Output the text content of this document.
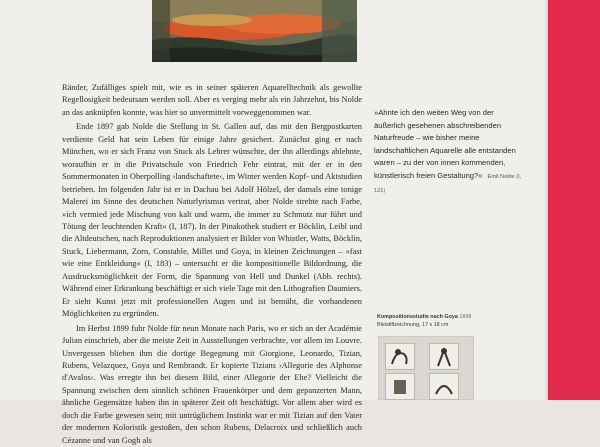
Ränder, Zufälliges spielt mit, wie es in seiner späteren Aquarelltechnik als gewollte Regellosigkeit bedeutsam werden soll. Aber es verging mehr als ein Jahrzehnt, bis Nolde an das anknüpfen konnte, was hier so unvermittelt vorweggenommen war.

Ende 1897 gab Nolde die Stellung in St. Gallen auf, das mit den Bergpostkarten verdiente Geld hat sein Leben für einige Jahre gesichert. Zunächst ging er nach München, wo er sich Franz von Stuck als Lehrer wünschte, der ihn allerdings ablehnte, woraufhin er in die Privatschule von Friedrich Fehr eintrat, mit der er in den Sommermonaten in Oberpolling ›landschaftete‹, im Winter werden Kopf- und Aktstudien betrieben. Im folgenden Jahr ist er in Dachau bei Adolf Hölzel, der damals eine tonige Malerei im Sinne des deutschen Naturlyrismus vertrat, aber Nolde strebte nach Farbe, »ich vermied jede Mischung von kalt und warm, die immer zu Schmutz nur führt und Tötung der leuchtenden Kraft« (I, 187). In der Pinakothek studiert er Böcklin, Leibl und die Altdeutschen, nach Reproduktionen analysiert er Bilder von Whistler, Watts, Böcklin, Stuck, Liebermann, Zorn, Constable, Millet und Goya, in kleinen Zeichnungen – »fast wie eine Entkleidung« (I, 183) – untersucht er die kompositionelle Bildordnung, die Ausdrucksmöglichkeit der Form, die Spannung von Hell und Dunkel (Abb. rechts). Während einer Erkrankung beschäftigt er sich viele Tage mit den Lithografien Daumiers. Er sieht Kunst jetzt mit professionellen Augen und ist bemüht, die vorhandenen Möglichkeiten zu ergründen.

Im Herbst 1899 fuhr Nolde für neun Monate nach Paris, wo er sich an der Académie Julian einschrieb, aber die meiste Zeit in Ausstellungen verbrachte, vor allem im Louvre. Unvergessen blieben ihm die dortige Begegnung mit Giorgione, Leonardo, Tizian, Rubens, Velazquez, Goya und Rembrandt. Er kopierte Tizians ›Allegorie des Alphonse d'Avalos‹. Was erregte ihn bei diesem Bild, einer Allegorie der Ehe? Vielleicht die Spannung zwischen dem sinnlich schönen Frauenkörper und dem gepanzerten Mann, ähnliche Gegensätze haben ihn in späterer Zeit oft beschäftigt. Vor allem aber wird es doch die Farbe gewesen sein; mit untrüglichem Instinkt war er mit Tizian auf den Vater der modernen Koloristik gestoßen, den schon Rubens, Delacroix und schließlich auch Cézanne und van Gogh als

»Ahnte ich den weiten Weg von der äußerlich gesehenen abschreibenden Naturfreude – wie bisher meine landschaftlichen Aquarelle alle entstanden waren – zu der von innen kommenden, künstlerisch freien Gestaltung?« Emil Nolde (I, 121)
Kompositionsstudie nach Goya 1898
Bleistiftzeichnung, 17 x 18 cm
